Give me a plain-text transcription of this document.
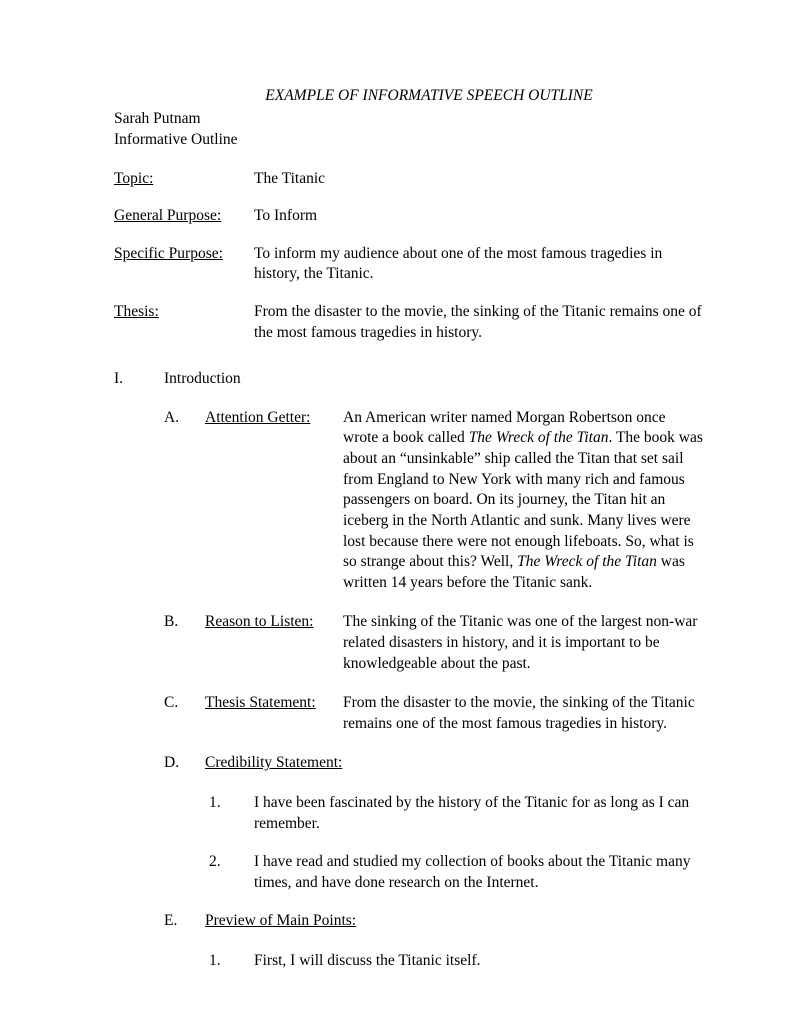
EXAMPLE OF INFORMATIVE SPEECH OUTLINE
Sarah Putnam
Informative Outline
Topic:	The Titanic
General Purpose:	To Inform
Specific Purpose:	To inform my audience about one of the most famous tragedies in history, the Titanic.
Thesis:	From the disaster to the movie, the sinking of the Titanic remains one of the most famous tragedies in history.
I.	Introduction
A.	Attention Getter:	An American writer named Morgan Robertson once wrote a book called The Wreck of the Titan. The book was about an “unsinkable” ship called the Titan that set sail from England to New York with many rich and famous passengers on board. On its journey, the Titan hit an iceberg in the North Atlantic and sunk. Many lives were lost because there were not enough lifeboats. So, what is so strange about this? Well, The Wreck of the Titan was written 14 years before the Titanic sank.
B.	Reason to Listen:	The sinking of the Titanic was one of the largest non-war related disasters in history, and it is important to be knowledgeable about the past.
C.	Thesis Statement:	From the disaster to the movie, the sinking of the Titanic remains one of the most famous tragedies in history.
D.	Credibility Statement:
1.	I have been fascinated by the history of the Titanic for as long as I can remember.
2.	I have read and studied my collection of books about the Titanic many times, and have done research on the Internet.
E.	Preview of Main Points:
1.	First, I will discuss the Titanic itself.
